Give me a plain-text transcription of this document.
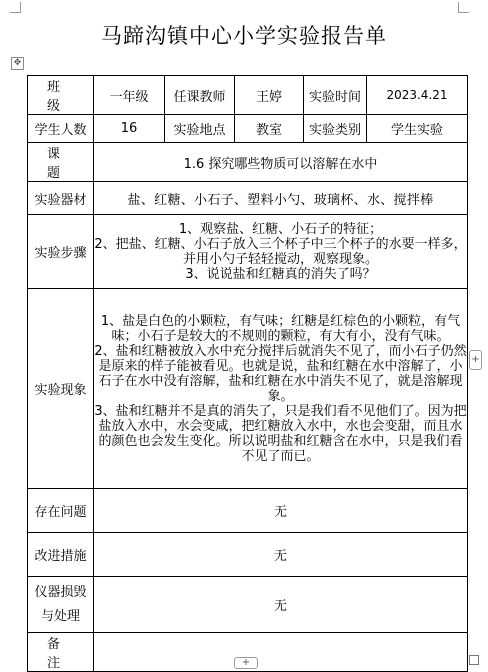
马蹄沟镇中心小学实验报告单
✥
班 级	一年级	任课教师	王婷	实验时间	2023.4.21
学生人数	16	实验地点	教室	实验类别	学生实验
课 题	1.6 探究哪些物质可以溶解在水中				
实验器材	盐、红糖、小石子、塑料小勺、玻璃杯、水、搅拌棒				
实验步骤	1、观察盐、红糖、小石子的特征；
2、把盐、红糖、小石子放入三个杯子中三个杯子的水要一样多，并用小勺子轻轻搅动，观察现象。
3、说说盐和红糖真的消失了吗？				

实验现象	1、盐是白色的小颗粒，有气味；红糖是红棕色的小颗粒，有气味；小石子是较大的不规则的颗粒，有大有小，没有气味。
2、盐和红糖被放入水中充分搅拌后就消失不见了，而小石子仍然是原来的样子能被看见。也就是说，盐和红糖在水中溶解了，小石子在水中没有溶解，盐和红糖在水中消失不见了，就是溶解现象。
3、盐和红糖并不是真的消失了，只是我们看不见他们了。因为把盐放入水中，水会变咸，把红糖放入水中，水也会变甜，而且水的颜色也会发生变化。所以说明盐和红糖含在水中，只是我们看不见了而已。				

存在问题	无				
改进措施	无				

仪器损毁
与处理	无				
备 注					
+
+
